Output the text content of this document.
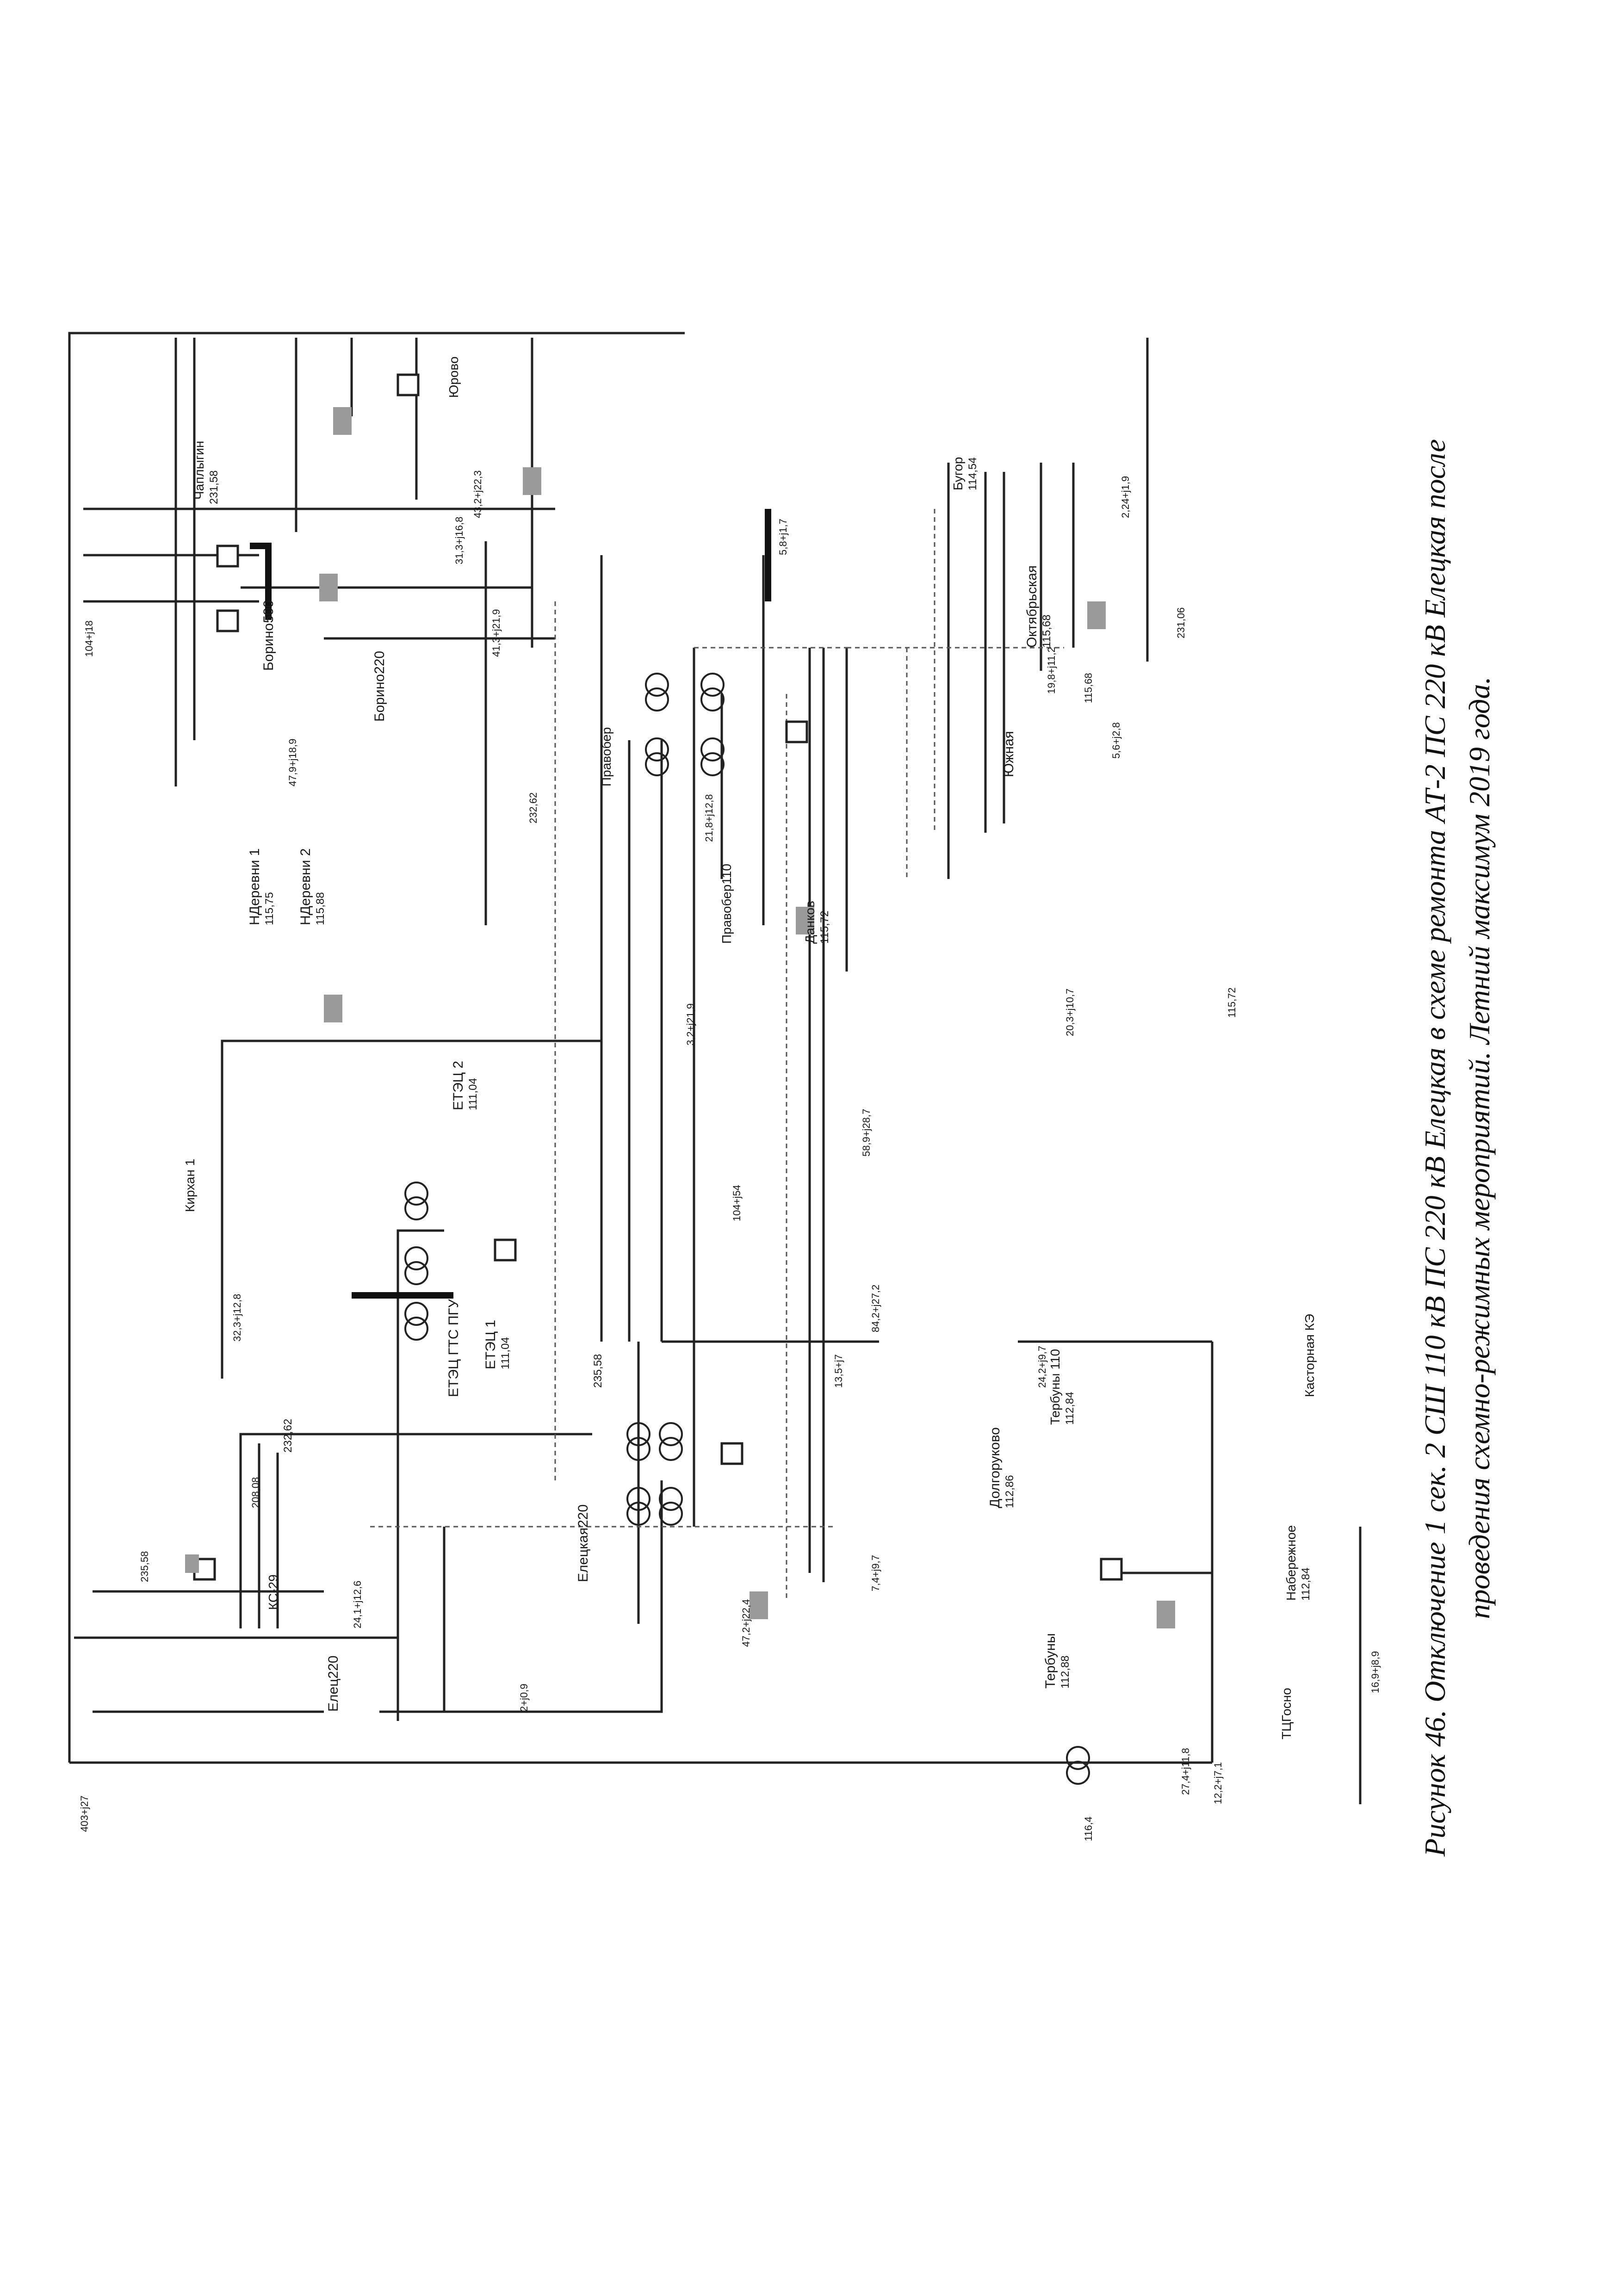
Борино500
Борино220
Чаплыгин
Юрово
НДеревни 1	НДеревни 2
Правобер
Правобер110	Данков
Южная
Октябрьская
Бугор
ЕТЭЦ 2
ЕТЭЦ 1
ЕТЭЦ ГТС ПГУ
Елецкая220
Елец220
КС-29
Кирхан 1
Долгоруково
Тербуны
Тербуны 110
Набережное
Касторная КЭ
ТЦГосно
231,58
115,75	115,88
115,72
115,68
114,54
111,04
111,04
235,58
232,62
112,86
112,88
112,84
112,84
403+j27
115,72
21,8+j12,8
3,2+j21,9
47,9+j18,9
231,06
43,2+j22,3
7,4+j9,7
104+j18
32,3+j12,8
58,9+j28,7
5,8+j1,7
19,8+j11,2
2,24+j1,9
31,3+j16,8
41,3+j21,9
115,68
47,2+j22,4
5,6+j2,8
13,5+j7
24,1+j12,6
104+j54
2+j0,9
235,58
232,62
208,08
24,2+j9,7
12,2+j7,1
116,4
84,2+j27,2
27,4+j11,8
16,9+j8,9
20,3+j10,7	Рисунок 46. Отключение 1 сек. 2 СШ 110 кВ ПС 220 кВ Елецкая в схеме ремонта АТ-2 ПС 220 кВ Елецкая после проведения схемно-режимных мероприятий. Летний максимум 2019 года.
